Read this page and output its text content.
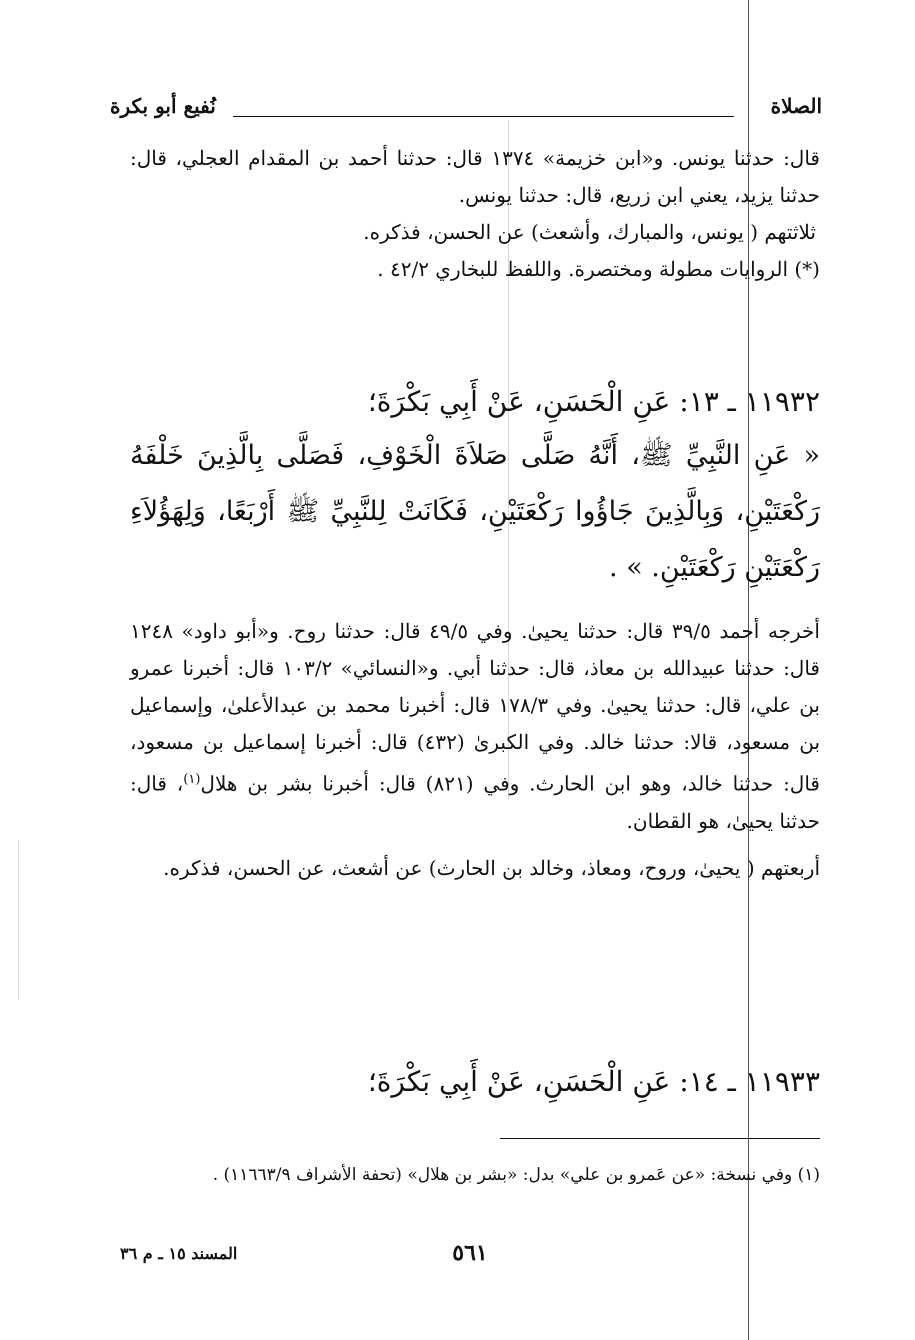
الصلاة
نُفيع أبو بكرة

قال: حدثنا يونس. و«ابن خزيمة» ١٣٧٤ قال: حدثنا أحمد بن المقدام العجلي، قال: حدثنا يزيد، يعني ابن زريع، قال: حدثنا يونس.

ثلاثتهم ( يونس، والمبارك، وأشعث) عن الحسن، فذكره.

(*) الروايات مطولة ومختصرة. واللفظ للبخاري ٤٢/٢ .

١١٩٣٢ ـ ١٣: عَنِ الْحَسَنِ، عَنْ أَبِي بَكْرَةَ؛
« عَنِ النَّبِيِّ ﷺ، أَنَّهُ صَلَّى صَلاَةَ الْخَوْفِ، فَصَلَّى بِالَّذِينَ خَلْفَهُ رَكْعَتَيْنِ، وَبِالَّذِينَ جَاؤُوا رَكْعَتَيْنِ، فَكَانَتْ لِلنَّبِيِّ ﷺ أَرْبَعًا، وَلِهَؤُلاَءِ رَكْعَتَيْنِ رَكْعَتَيْنِ. » .

أخرجه أحمد ٣٩/٥ قال: حدثنا يحيىٰ. وفي ٤٩/٥ قال: حدثنا روح. و«أبو داود» ١٢٤٨ قال: حدثنا عبيدالله بن معاذ، قال: حدثنا أبي. و«النسائي» ١٠٣/٢ قال: أخبرنا عمرو بن علي، قال: حدثنا يحيىٰ. وفي ١٧٨/٣ قال: أخبرنا محمد بن عبدالأعلىٰ، وإسماعيل بن مسعود، قالا: حدثنا خالد. وفي الكبرىٰ (٤٣٢) قال: أخبرنا إسماعيل بن مسعود، قال: حدثنا خالد، وهو ابن الحارث. وفي (٨٢١) قال: أخبرنا بشر بن هلال$^{(١)}$، قال: حدثنا يحيىٰ، هو القطان.

أربعتهم ( يحيىٰ، وروح، ومعاذ، وخالد بن الحارث) عن أشعث، عن الحسن، فذكره.

١١٩٣٣ ـ ١٤: عَنِ الْحَسَنِ، عَنْ أَبِي بَكْرَةَ؛
(١) وفي نسخة: «عن عَمرو بن علي» بدل: «بشر بن هلال» (تحفة الأشراف ١١٦٦٣/٩) .
٥٦١
المسند ١٥ ـ م ٣٦
